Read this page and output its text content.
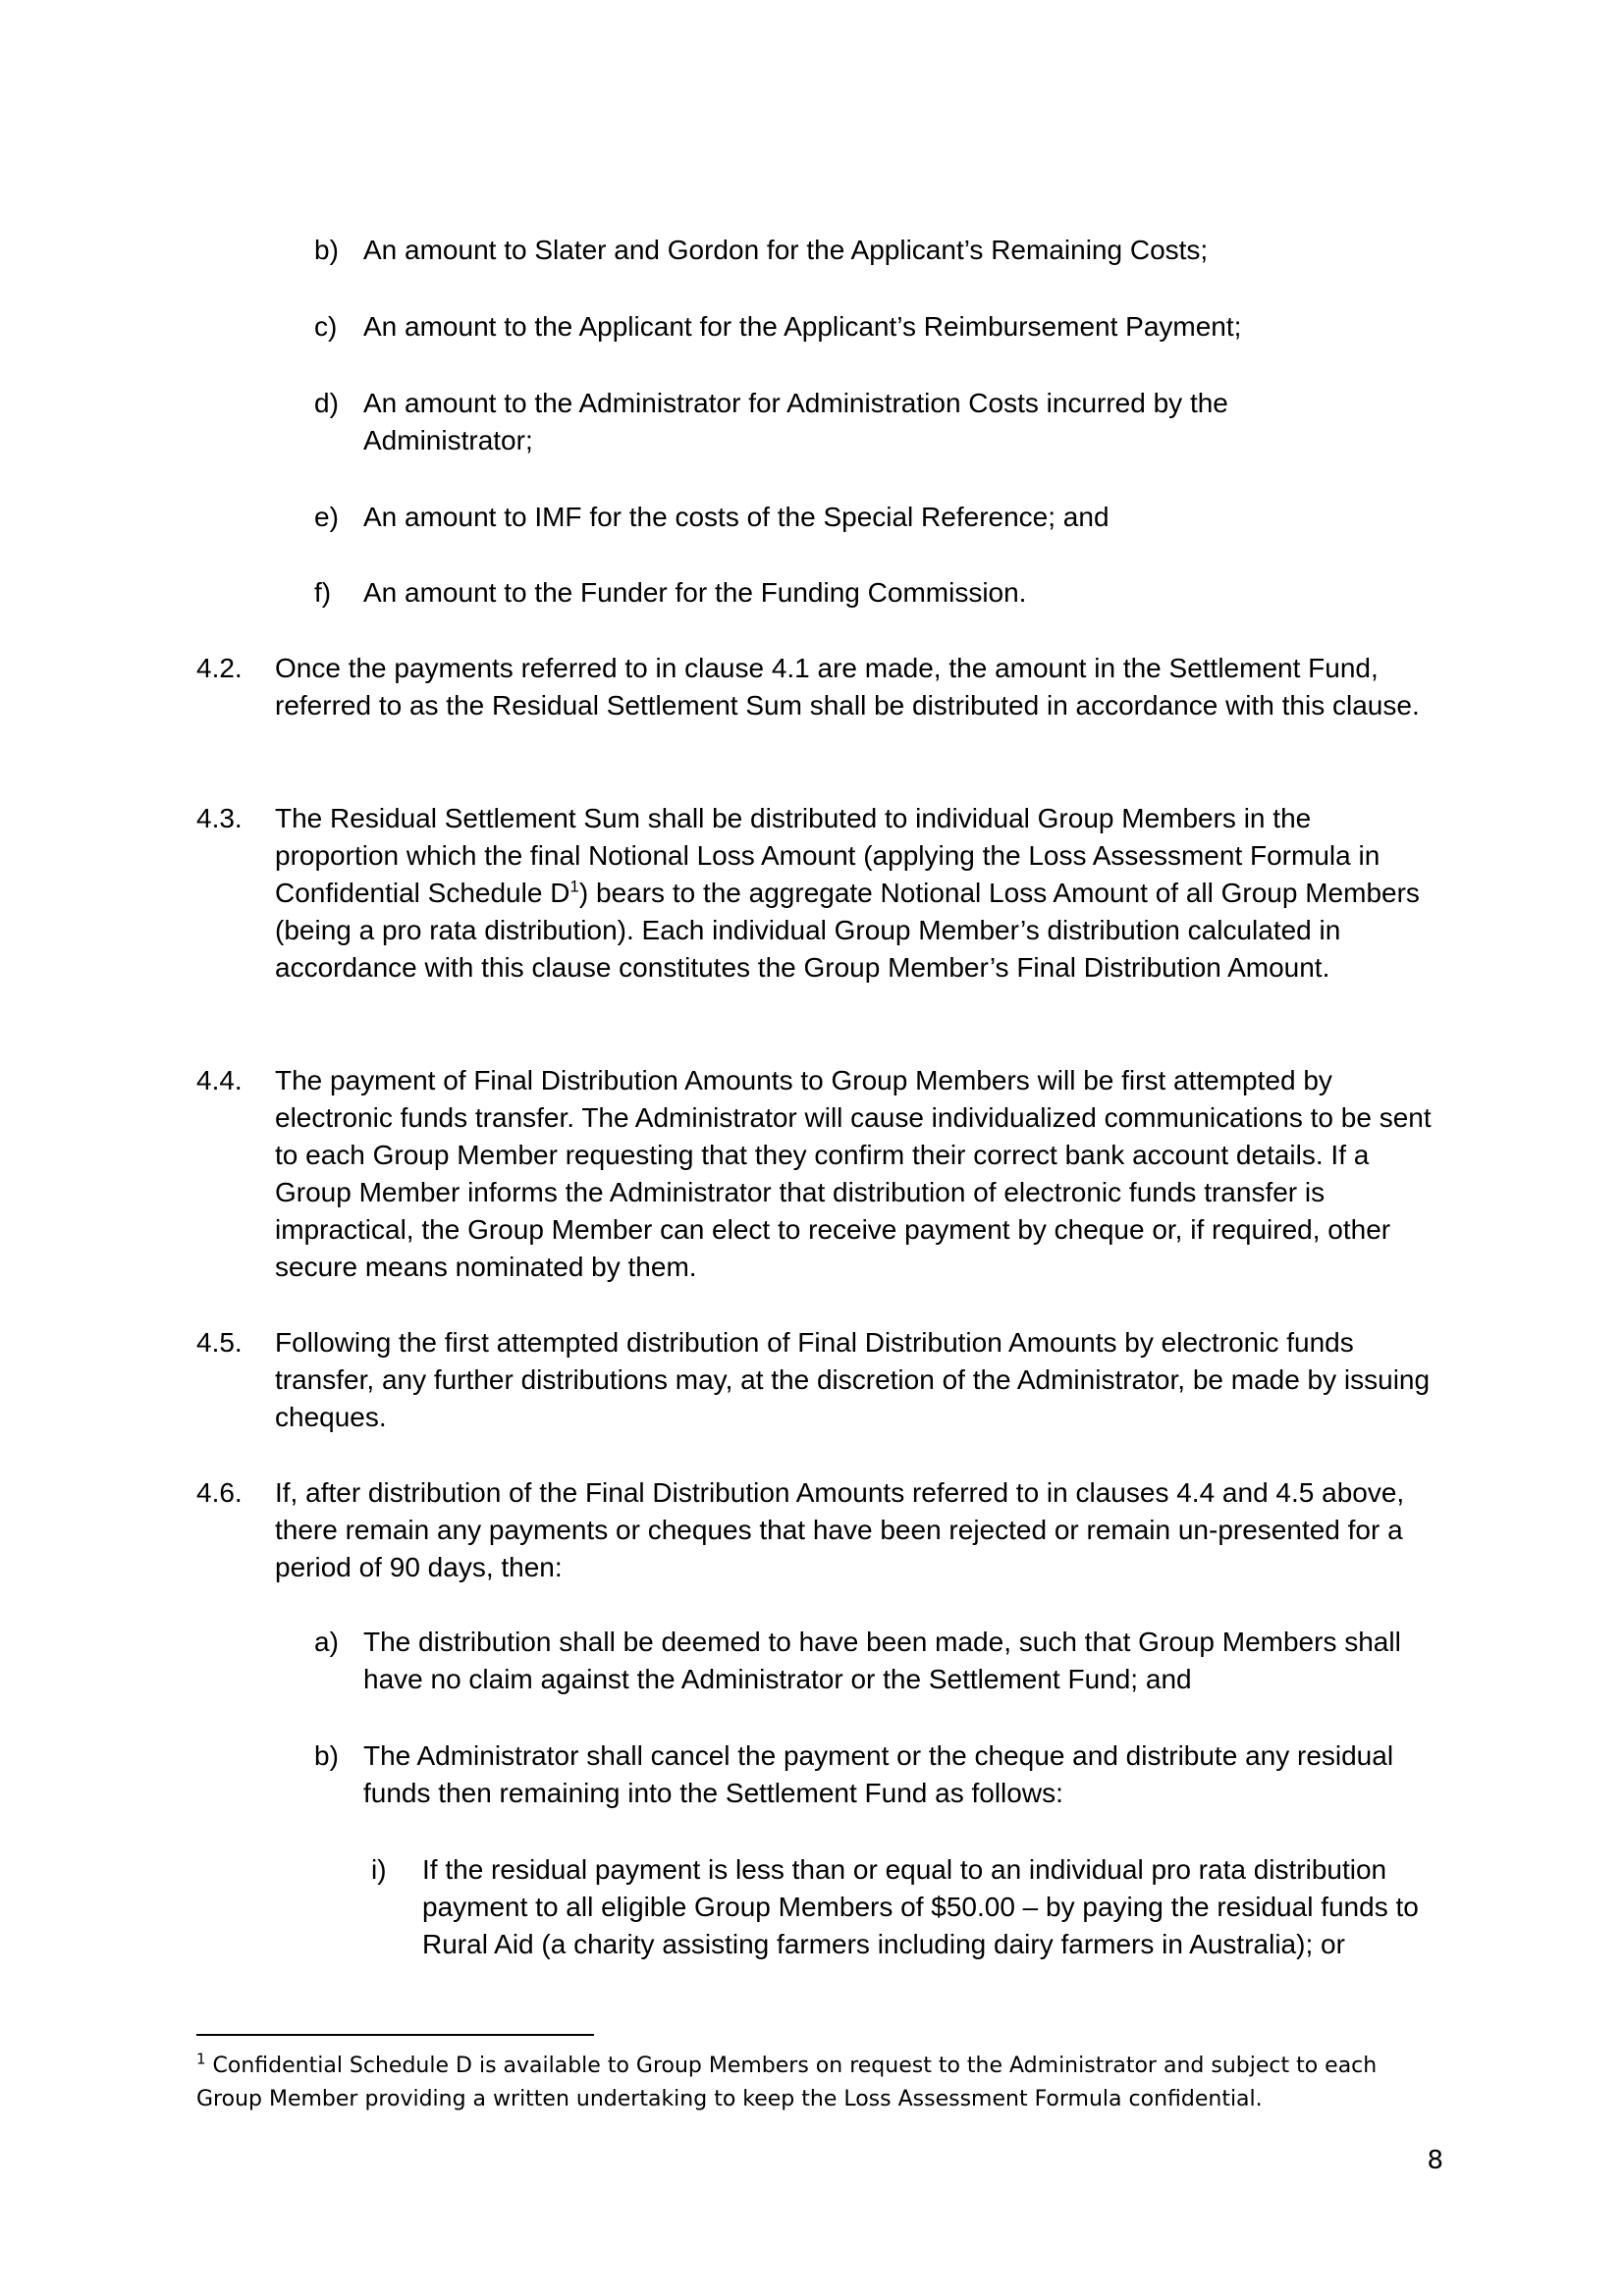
b) An amount to Slater and Gordon for the Applicant’s Remaining Costs;
c) An amount to the Applicant for the Applicant’s Reimbursement Payment;
d) An amount to the Administrator for Administration Costs incurred by the Administrator;
e) An amount to IMF for the costs of the Special Reference; and
f) An amount to the Funder for the Funding Commission.
4.2. Once the payments referred to in clause 4.1 are made, the amount in the Settlement Fund, referred to as the Residual Settlement Sum shall be distributed in accordance with this clause.
4.3. The Residual Settlement Sum shall be distributed to individual Group Members in the proportion which the final Notional Loss Amount (applying the Loss Assessment Formula in Confidential Schedule $D^1$) bears to the aggregate Notional Loss Amount of all Group Members (being a pro rata distribution). Each individual Group Member’s distribution calculated in accordance with this clause constitutes the Group Member’s Final Distribution Amount.
4.4. The payment of Final Distribution Amounts to Group Members will be first attempted by electronic funds transfer. The Administrator will cause individualized communications to be sent to each Group Member requesting that they confirm their correct bank account details. If a Group Member informs the Administrator that distribution of electronic funds transfer is impractical, the Group Member can elect to receive payment by cheque or, if required, other secure means nominated by them.
4.5. Following the first attempted distribution of Final Distribution Amounts by electronic funds transfer, any further distributions may, at the discretion of the Administrator, be made by issuing cheques.
4.6. If, after distribution of the Final Distribution Amounts referred to in clauses 4.4 and 4.5 above, there remain any payments or cheques that have been rejected or remain un-presented for a period of 90 days, then:
a) The distribution shall be deemed to have been made, such that Group Members shall have no claim against the Administrator or the Settlement Fund; and
b) The Administrator shall cancel the payment or the cheque and distribute any residual funds then remaining into the Settlement Fund as follows:
i) If the residual payment is less than or equal to an individual pro rata distribution payment to all eligible Group Members of $50.00 – by paying the residual funds to Rural Aid (a charity assisting farmers including dairy farmers in Australia); or
$^1$ Confidential Schedule D is available to Group Members on request to the Administrator and subject to each Group Member providing a written undertaking to keep the Loss Assessment Formula confidential.
8
